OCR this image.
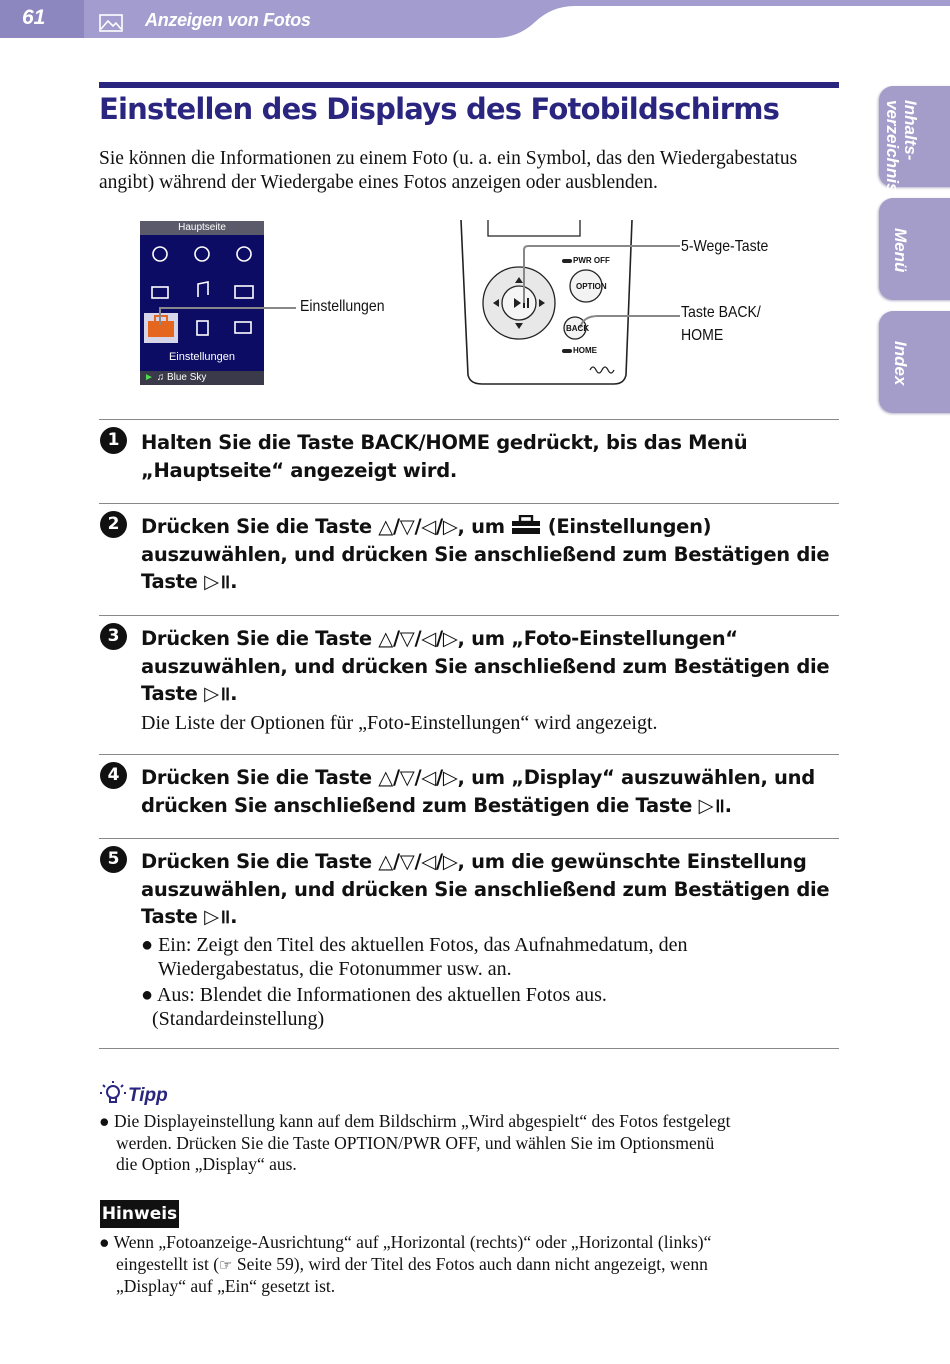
61	Anzeigen von Fotos
Inhalts-
verzeichnis
Menü
Index
Einstellen des Displays des Fotobildschirms
Sie können die Informationen zu einem Foto (u. a. ein Symbol, das den Wiedergabestatus angibt) während der Wiedergabe eines Fotos anzeigen oder ausblenden.
Hauptseite
Einstellungen
► ♫ Blue Sky
Einstellungen
PWR OFF
OPTION
BACK
HOME
5-Wege-Taste
Taste BACK/
HOME
1	Halten Sie die Taste BACK/HOME gedrückt, bis das Menü
„Hauptseite“ angezeigt wird.
2	Drücken Sie die Taste △/▽/◁/▷, um (Einstellungen)
auszuwählen, und drücken Sie anschließend zum Bestätigen die
Taste ▷॥.
3	Drücken Sie die Taste △/▽/◁/▷, um „Foto-Einstellungen“
auszuwählen, und drücken Sie anschließend zum Bestätigen die
Taste ▷॥.
Die Liste der Optionen für „Foto-Einstellungen“ wird angezeigt.
4	Drücken Sie die Taste △/▽/◁/▷, um „Display“ auszuwählen, und
drücken Sie anschließend zum Bestätigen die Taste ▷॥.
5	Drücken Sie die Taste △/▽/◁/▷, um die gewünschte Einstellung
auszuwählen, und drücken Sie anschließend zum Bestätigen die
Taste ▷॥.
● Ein: Zeigt den Titel des aktuellen Fotos, das Aufnahmedatum, den
Wiedergabestatus, die Fotonummer usw. an.
● Aus: Blendet die Informationen des aktuellen Fotos aus.
(Standardeinstellung)
Tipp
● Die Displayeinstellung kann auf dem Bildschirm „Wird abgespielt“ des Fotos festgelegt
werden. Drücken Sie die Taste OPTION/PWR OFF, und wählen Sie im Optionsmenü
die Option „Display“ aus.
Hinweis
● Wenn „Fotoanzeige-Ausrichtung“ auf „Horizontal (rechts)“ oder „Horizontal (links)“
eingestellt ist (☞ Seite 59), wird der Titel des Fotos auch dann nicht angezeigt, wenn
„Display“ auf „Ein“ gesetzt ist.
